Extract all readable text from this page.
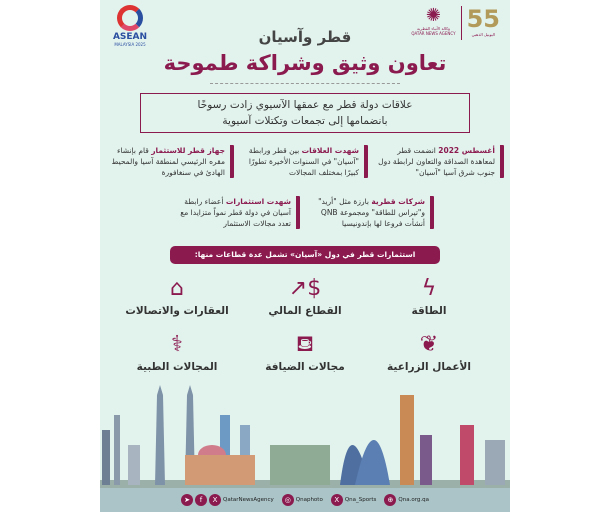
ASEAN
MALAYSIA 2025
✺
وكالة الأنباء القطرية
QATAR NEWS AGENCY
55
اليوبيل الذهبي
قطر وآسيان
تعاون وثيق وشراكة طموحة
علاقات دولة قطر مع عمقها الآسيوي زادت رسوخًا
بانضمامها إلى تجمعات وتكتلات آسيوية
أغسطس 2022 انضمت قطر لمعاهدة الصداقة والتعاون لرابطة دول جنوب شرق آسيا "آسيان"
شهدت العلاقات بين قطر ورابطة "آسيان" في السنوات الأخيرة تطورًا كبيرًا بمختلف المجالات
جهاز قطر للاستثمار قام بإنشاء مقره الرئيسي لمنطقة آسيا والمحيط الهادئ في سنغافورة
شركات قطرية بارزة مثل "أريد" و"تيراس للطاقة" ومجموعة QNB أنشأت فروعا لها بإندونيسيا
شهدت استثمارات أعضاء رابطة آسيان في دولة قطر نمواً متزايدا مع تعدد مجالات الاستثمار
استثمارات قطر في دول «آسيان» تشمل عدة قطاعات منها:
ϟ
الطاقة
$↗
القطاع المالي
⌂
العقارات والاتصالات
❦
الأعمال الزراعية
⛾
مجالات الضيافة
⚕
المجالات الطبية
➤	f	X	QatarNewsAgency	◎ Qnaphoto	X	Qna_Sports	⊕ Qna.org.qa
